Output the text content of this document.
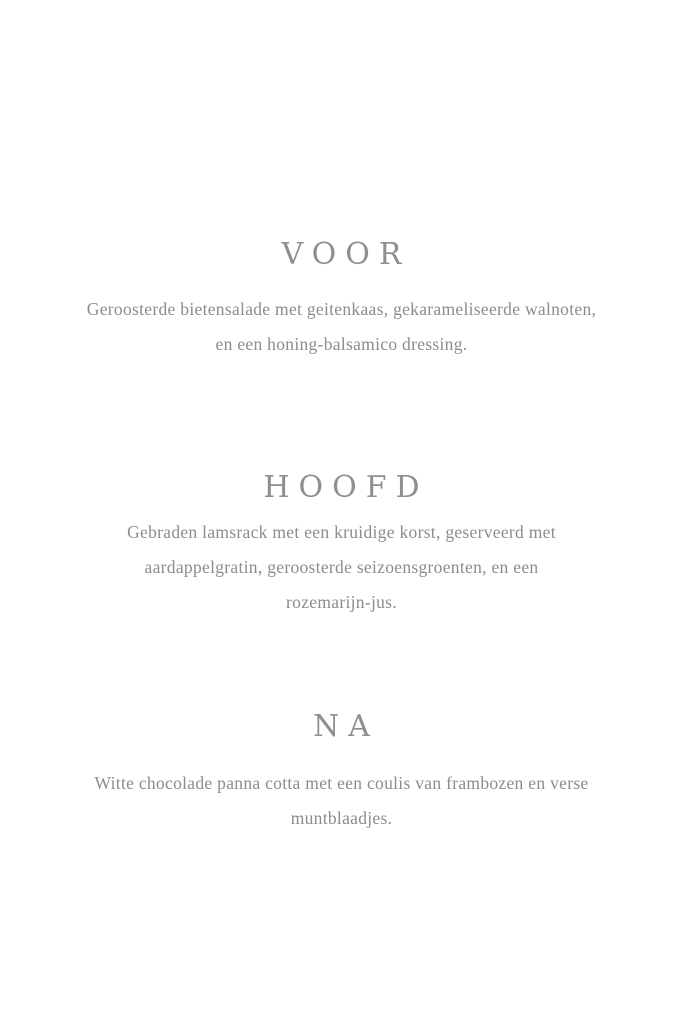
VOOR

Geroosterde bietensalade met geitenkaas, gekarameliseerde walnoten, en een honing-balsamico dressing.

HOOFD

Gebraden lamsrack met een kruidige korst, geserveerd met aardappelgratin, geroosterde seizoensgroenten, en een rozemarijn-jus.

NA

Witte chocolade panna cotta met een coulis van frambozen en verse muntblaadjes.
